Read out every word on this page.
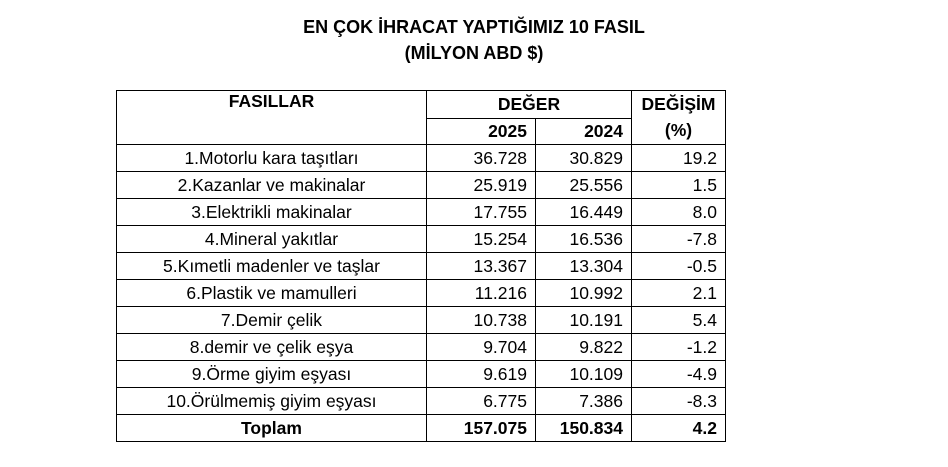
EN ÇOK İHRACAT YAPTIĞIMIZ 10 FASIL
(MİLYON ABD $)
FASILLAR	DEĞER		DEĞİŞİM
(%)
	2025	2024	
1.Motorlu kara taşıtları	36.728	30.829	19.2
2.Kazanlar ve makinalar	25.919	25.556	1.5
3.Elektrikli makinalar	17.755	16.449	8.0
4.Mineral yakıtlar	15.254	16.536	-7.8
5.Kımetli madenler ve taşlar	13.367	13.304	-0.5
6.Plastik ve mamulleri	11.216	10.992	2.1
7.Demir çelik	10.738	10.191	5.4
8.demir ve çelik eşya	9.704	9.822	-1.2
9.Örme giyim eşyası	9.619	10.109	-4.9
10.Örülmemiş giyim eşyası	6.775	7.386	-8.3
Toplam	157.075	150.834	4.2
